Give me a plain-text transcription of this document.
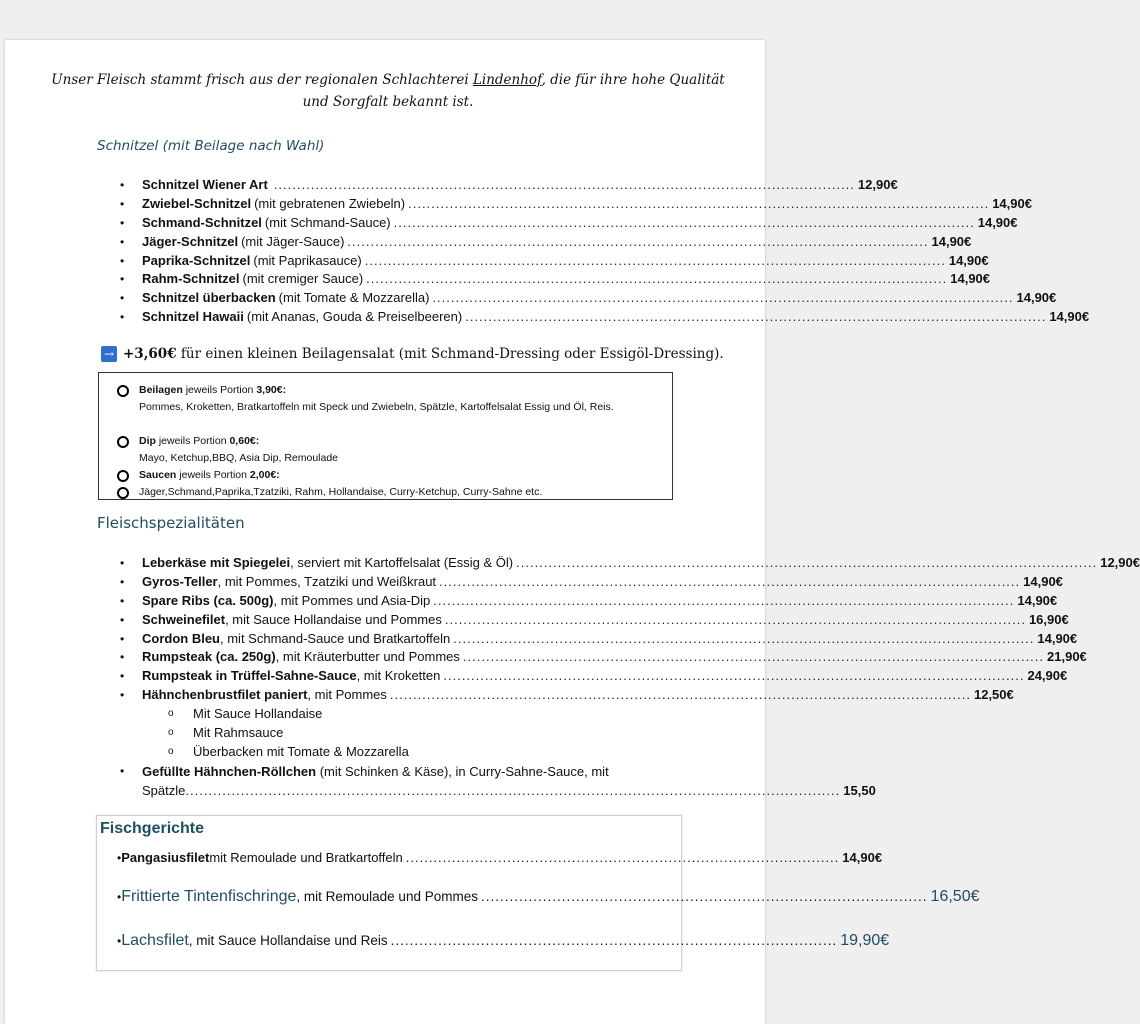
Unser Fleisch stammt frisch aus der regionalen Schlachterei Lindenhof, die für ihre hohe Qualität und Sorgfalt bekannt ist.
Schnitzel (mit Beilage nach Wahl)
• Schnitzel Wiener Art .............................................................................................................................. 12,90€
• Zwiebel-Schnitzel (mit gebratenen Zwiebeln) .............................................................................................................................. 14,90€
• Schmand-Schnitzel (mit Schmand-Sauce) .............................................................................................................................. 14,90€
• Jäger-Schnitzel (mit Jäger-Sauce) .............................................................................................................................. 14,90€
• Paprika-Schnitzel (mit Paprikasauce) .............................................................................................................................. 14,90€
• Rahm-Schnitzel (mit cremiger Sauce) .............................................................................................................................. 14,90€
• Schnitzel überbacken (mit Tomate & Mozzarella) .............................................................................................................................. 14,90€
• Schnitzel Hawaii (mit Ananas, Gouda & Preiselbeeren) .............................................................................................................................. 14,90€
→ +3,60€
für einen kleinen Beilagensalat (mit Schmand-Dressing oder Essigöl-Dressing).
Beilagen jeweils Portion 3,90€:
Pommes, Kroketten, Bratkartoffeln mit Speck und Zwiebeln, Spätzle, Kartoffelsalat Essig und Öl, Reis.
Dip jeweils Portion 0,60€:
Mayo, Ketchup,BBQ, Asia Dip, Remoulade
Saucen jeweils Portion 2,00€:
Jäger,Schmand,Paprika,Tzatziki, Rahm, Hollandaise, Curry-Ketchup, Curry-Sahne etc.
Fleischspezialitäten
• Leberkäse mit Spiegelei , serviert mit Kartoffelsalat (Essig & Öl) .............................................................................................................................. 12,90€
• Gyros-Teller , mit Pommes, Tzatziki und Weißkraut .............................................................................................................................. 14,90€
• Spare Ribs (ca. 500g) , mit Pommes und Asia-Dip .............................................................................................................................. 14,90€
• Schweinefilet , mit Sauce Hollandaise und Pommes .............................................................................................................................. 16,90€
• Cordon Bleu , mit Schmand-Sauce und Bratkartoffeln .............................................................................................................................. 14,90€
• Rumpsteak (ca. 250g) , mit Kräuterbutter und Pommes .............................................................................................................................. 21,90€
• Rumpsteak in Trüffel-Sahne-Sauce , mit Kroketten .............................................................................................................................. 24,90€
• Hähnchenbrustfilet paniert , mit Pommes .............................................................................................................................. 12,50€
o Mit Sauce Hollandaise
o Mit Rahmsauce
o Überbacken mit Tomate & Mozzarella
• Gefüllte Hähnchen-Röllchen (mit Schinken & Käse), in Curry-Sahne-Sauce, mit
Spätzle .............................................................................................................................................. 15,50
Fischgerichte
• Pangasiusfilet mit Remoulade und Bratkartoffeln .............................................................................................. 14,90€
• Frittierte Tintenfischringe , mit Remoulade und Pommes .............................................................................................. 16,50€
• Lachsfilet , mit Sauce Hollandaise und Reis .............................................................................................. 19,90€
